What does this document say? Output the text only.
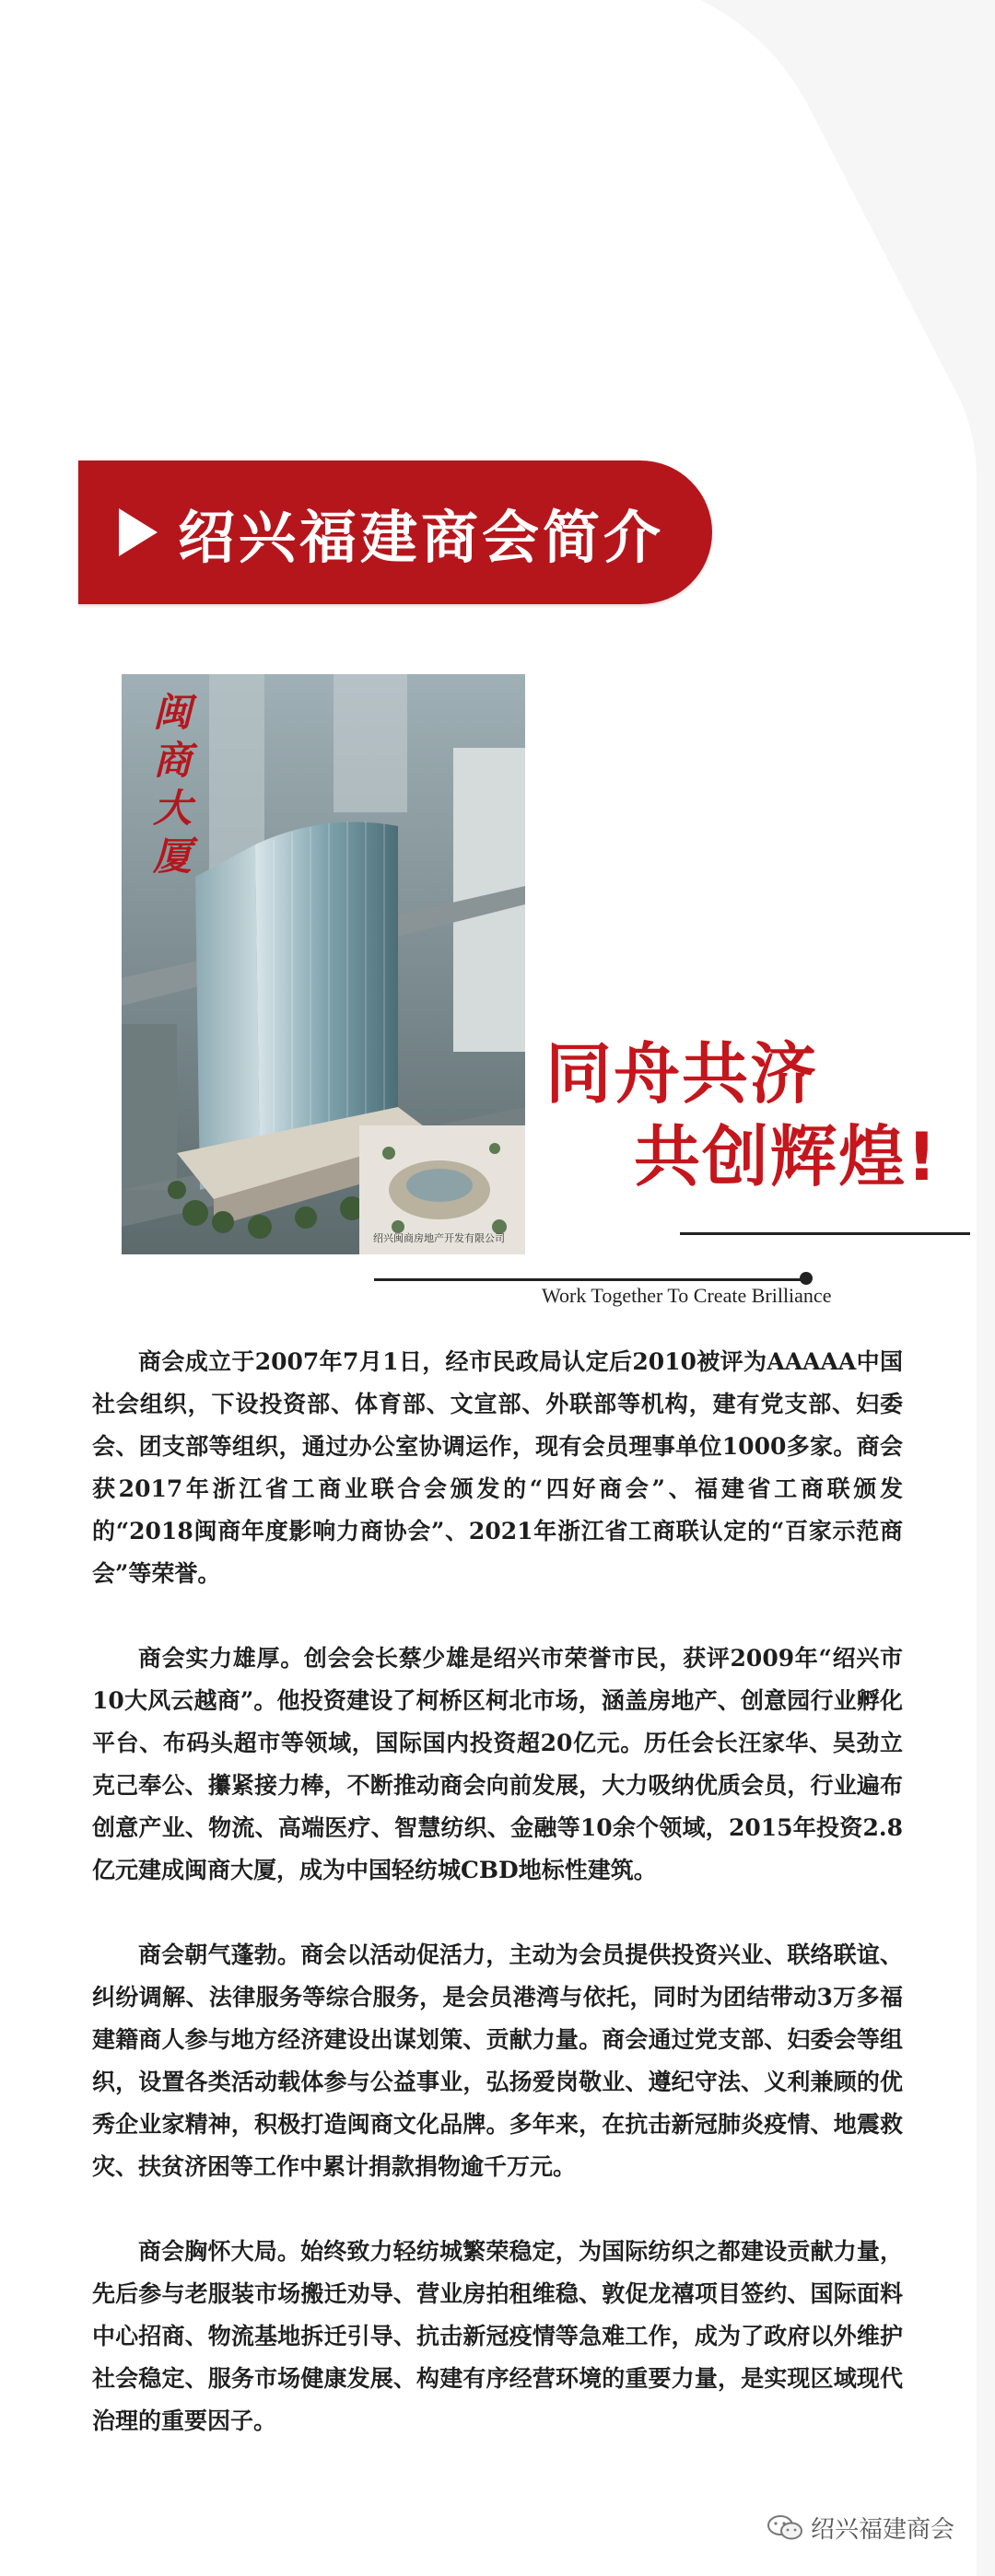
绍兴福建商会简介
闽
商
大
厦
绍兴闽商房地产开发有限公司
同舟共济
共创辉煌!
Work Together To Create Brilliance

商会成立于2007年7月1日，经市民政局认定后2010被评为AAAAA中国社会组织，下设投资部、体育部、文宣部、外联部等机构，建有党支部、妇委会、团支部等组织，通过办公室协调运作，现有会员理事单位1000多家。商会获2017年浙江省工商业联合会颁发的“四好商会”、福建省工商联颁发的“2018闽商年度影响力商协会”、2021年浙江省工商联认定的“百家示范商会”等荣誉。

商会实力雄厚。创会会长蔡少雄是绍兴市荣誉市民，获评2009年“绍兴市10大风云越商”。他投资建设了柯桥区柯北市场，涵盖房地产、创意园行业孵化平台、布码头超市等领域，国际国内投资超20亿元。历任会长汪家华、吴劲立克己奉公、攥紧接力棒，不断推动商会向前发展，大力吸纳优质会员，行业遍布创意产业、物流、高端医疗、智慧纺织、金融等10余个领域，2015年投资2.8亿元建成闽商大厦，成为中国轻纺城CBD地标性建筑。

商会朝气蓬勃。商会以活动促活力，主动为会员提供投资兴业、联络联谊、纠纷调解、法律服务等综合服务，是会员港湾与依托，同时为团结带动3万多福建籍商人参与地方经济建设出谋划策、贡献力量。商会通过党支部、妇委会等组织，设置各类活动载体参与公益事业，弘扬爱岗敬业、遵纪守法、义利兼顾的优秀企业家精神，积极打造闽商文化品牌。多年来，在抗击新冠肺炎疫情、地震救灾、扶贫济困等工作中累计捐款捐物逾千万元。

商会胸怀大局。始终致力轻纺城繁荣稳定，为国际纺织之都建设贡献力量，先后参与老服装市场搬迁劝导、营业房拍租维稳、敦促龙禧项目签约、国际面料中心招商、物流基地拆迁引导、抗击新冠疫情等急难工作，成为了政府以外维护社会稳定、服务市场健康发展、构建有序经营环境的重要力量，是实现区域现代治理的重要因子。

绍兴福建商会
